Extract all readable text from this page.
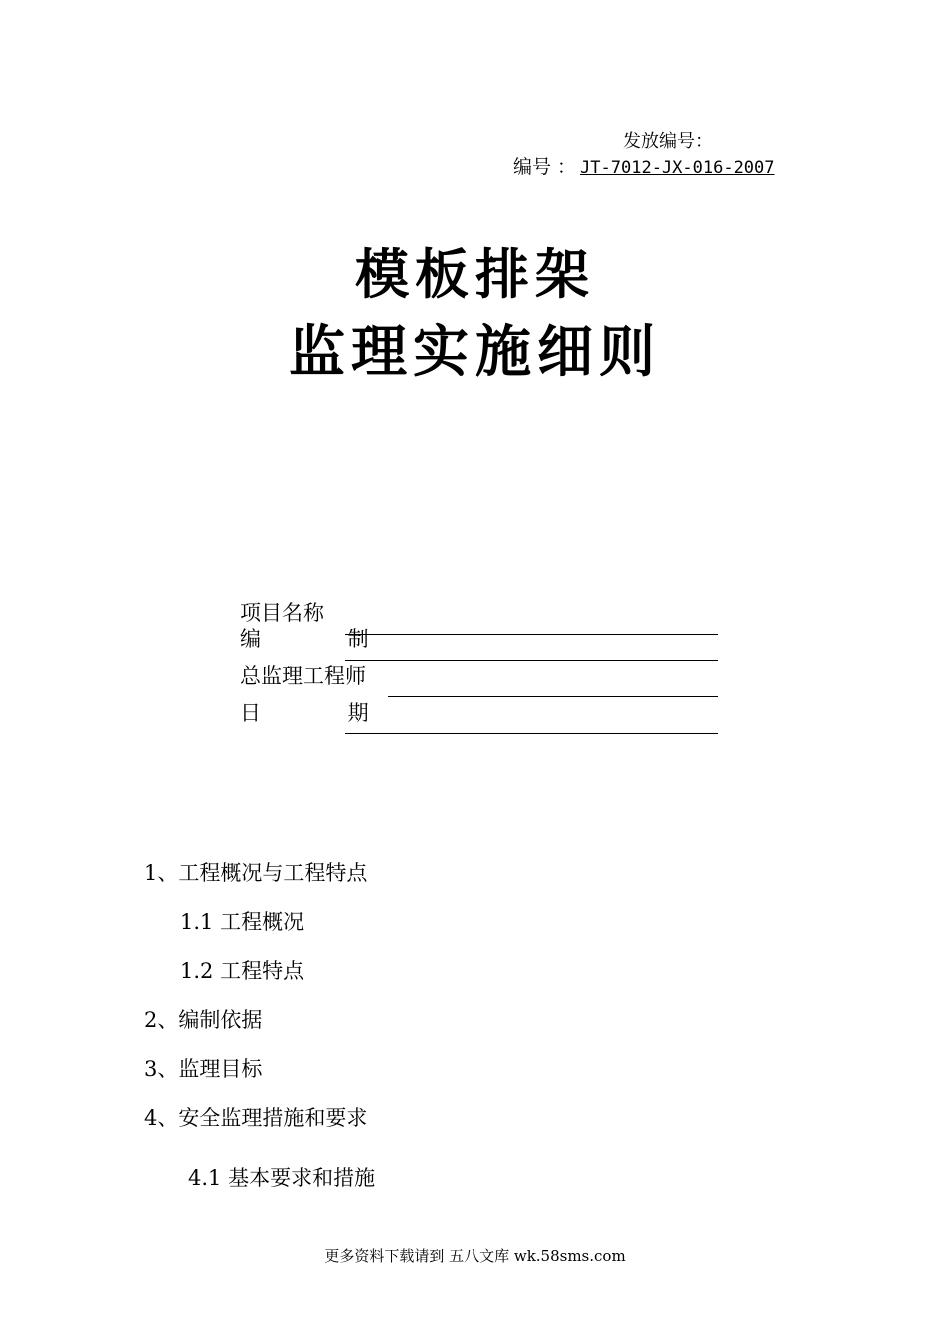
发放编号：
编号 ： JT-7012-JX-016-2007
模板排架
监理实施细则
项目名称
编 制
总监理工程师
日 期
1、工程概况与工程特点
1.1 工程概况
1.2 工程特点
2、编制依据
3、监理目标
4、安全监理措施和要求
4.1 基本要求和措施
更多资料下载请到 五八文库 wk.58sms.com
